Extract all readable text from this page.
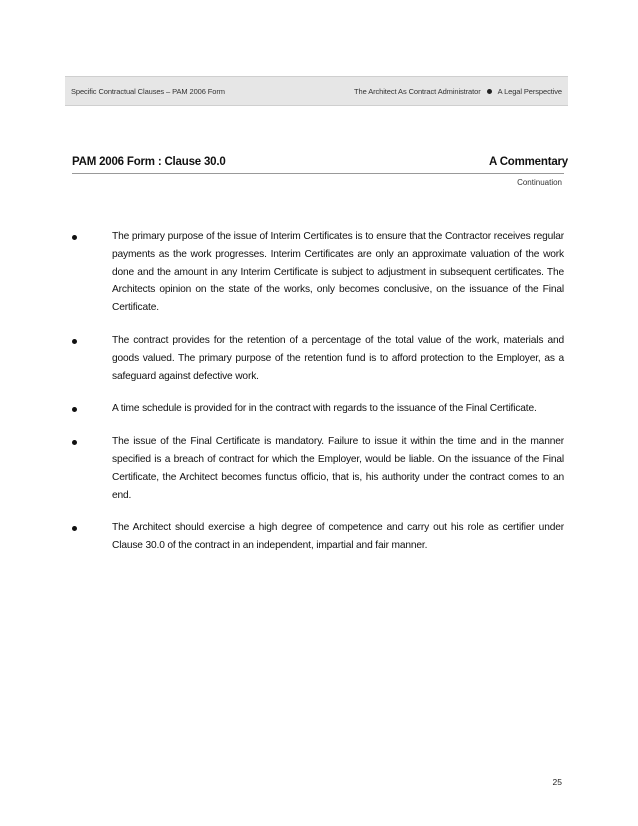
Specific Contractual Clauses – PAM 2006 Form	The Architect As Contract Administrator A Legal Perspective
PAM 2006 Form : Clause 30.0	A Commentary
Continuation
The primary purpose of the issue of Interim Certificates is to ensure that the Contractor receives regular payments as the work progresses. Interim Certificates are only an approximate valuation of the work done and the amount in any Interim Certificate is subject to adjustment in subsequent certificates. The Architects opinion on the state of the works, only becomes conclusive, on the issuance of the Final Certificate.
The contract provides for the retention of a percentage of the total value of the work, materials and goods valued. The primary purpose of the retention fund is to afford protection to the Employer, as a safeguard against defective work.
A time schedule is provided for in the contract with regards to the issuance of the Final Certificate.
The issue of the Final Certificate is mandatory. Failure to issue it within the time and in the manner specified is a breach of contract for which the Employer, would be liable. On the issuance of the Final Certificate, the Architect becomes functus officio, that is, his authority under the contract comes to an end.
The Architect should exercise a high degree of competence and carry out his role as certifier under Clause 30.0 of the contract in an independent, impartial and fair manner.
25
